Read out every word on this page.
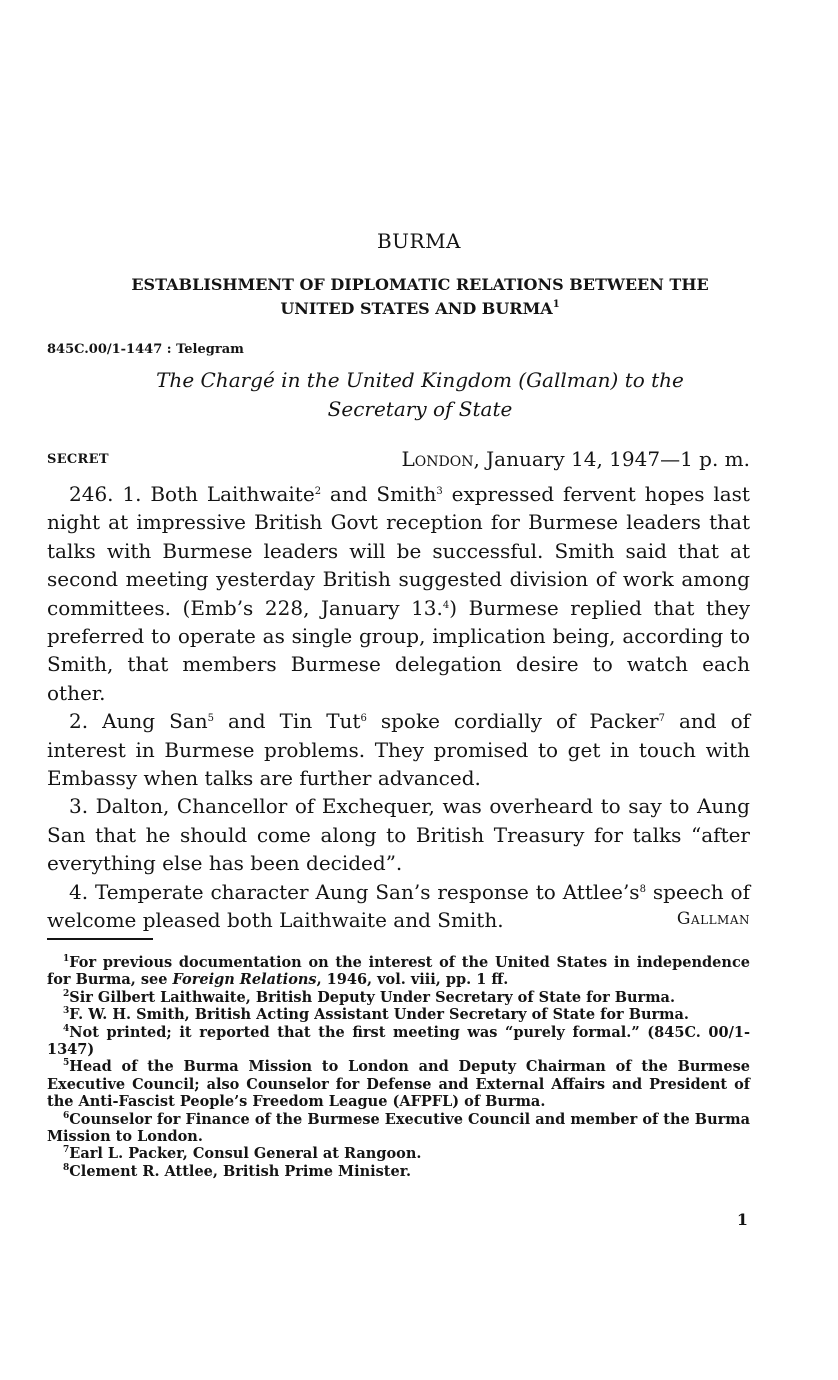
BURMA
ESTABLISHMENT OF DIPLOMATIC RELATIONS BETWEEN THE
UNITED STATES AND BURMA$^1$
845C.00/1-1447 : Telegram
The Chargé in the United Kingdom (Gallman) to the
Secretary of State
SECRET	London, January 14, 1947—1 p. m.

246. 1. Both Laithwaite$^2$ and Smith$^3$ expressed fervent hopes last night at impressive British Govt reception for Burmese leaders that talks with Burmese leaders will be successful. Smith said that at second meeting yesterday British suggested division of work among committees. (Emb’s 228, January 13.$^4$) Burmese replied that they preferred to operate as single group, implication being, according to Smith, that members Burmese delegation desire to watch each other.

2. Aung San$^5$ and Tin Tut$^6$ spoke cordially of Packer$^7$ and of interest in Burmese problems. They promised to get in touch with Embassy when talks are further advanced.

3. Dalton, Chancellor of Exchequer, was overheard to say to Aung San that he should come along to British Treasury for talks “after everything else has been decided”.

4. Temperate character Aung San’s response to $Attlee’s^8$ speech of welcome pleased both Laithwaite and Smith.	Gallman

$^1$For previous documentation on the interest of the United States in independence for Burma, see Foreign Relations, 1946, vol. viii, pp. 1 ff.

$^2$Sir Gilbert Laithwaite, British Deputy Under Secretary of State for Burma.

$^3$F. W. H. Smith, British Acting Assistant Under Secretary of State for Burma.

$^4$Not printed; it reported that the first meeting was “purely formal.” (845C. 00/1-1347)

$^5$Head of the Burma Mission to London and Deputy Chairman of the Burmese Executive Council; also Counselor for Defense and External Affairs and President of the Anti-Fascist People’s Freedom League (AFPFL) of Burma.

$^6$Counselor for Finance of the Burmese Executive Council and member of the Burma Mission to London.

$^7$Earl L. Packer, Consul General at Rangoon.

$^8$Clement R. Attlee, British Prime Minister.

1
